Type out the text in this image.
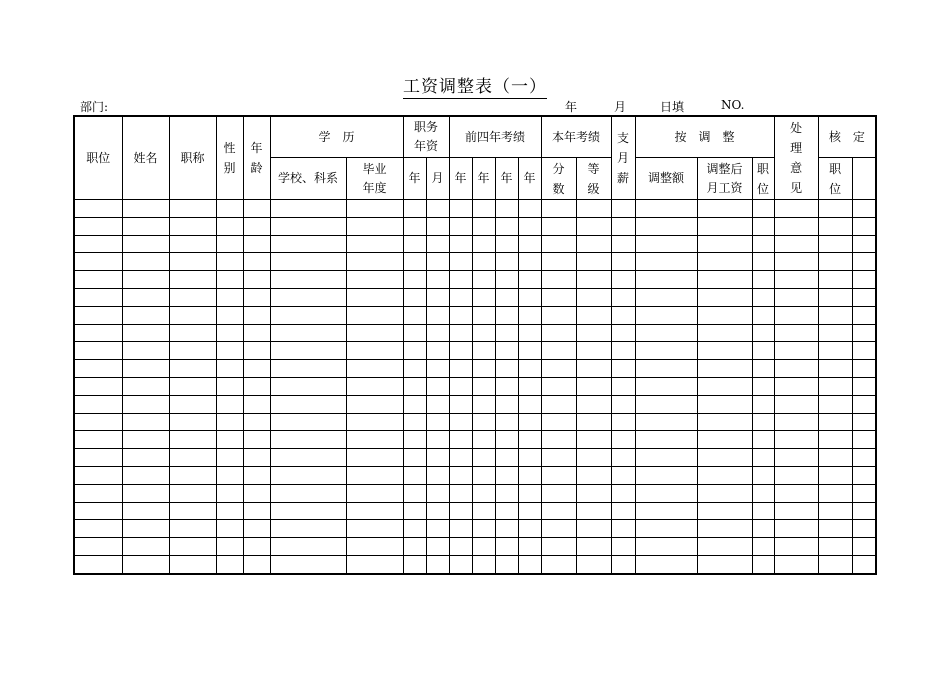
工资调整表（一）
部门:	年	月	日填	NO.
职位	姓名	职称	性别	年龄	学　历		职务年资		前四年考绩				本年考绩		支月薪	按　调　整			处理意见	核　定	

					学校、科系	毕业年度	年	月	年	年	年	年	分数	等级		调整额	调整后月工资	职位		职位	
